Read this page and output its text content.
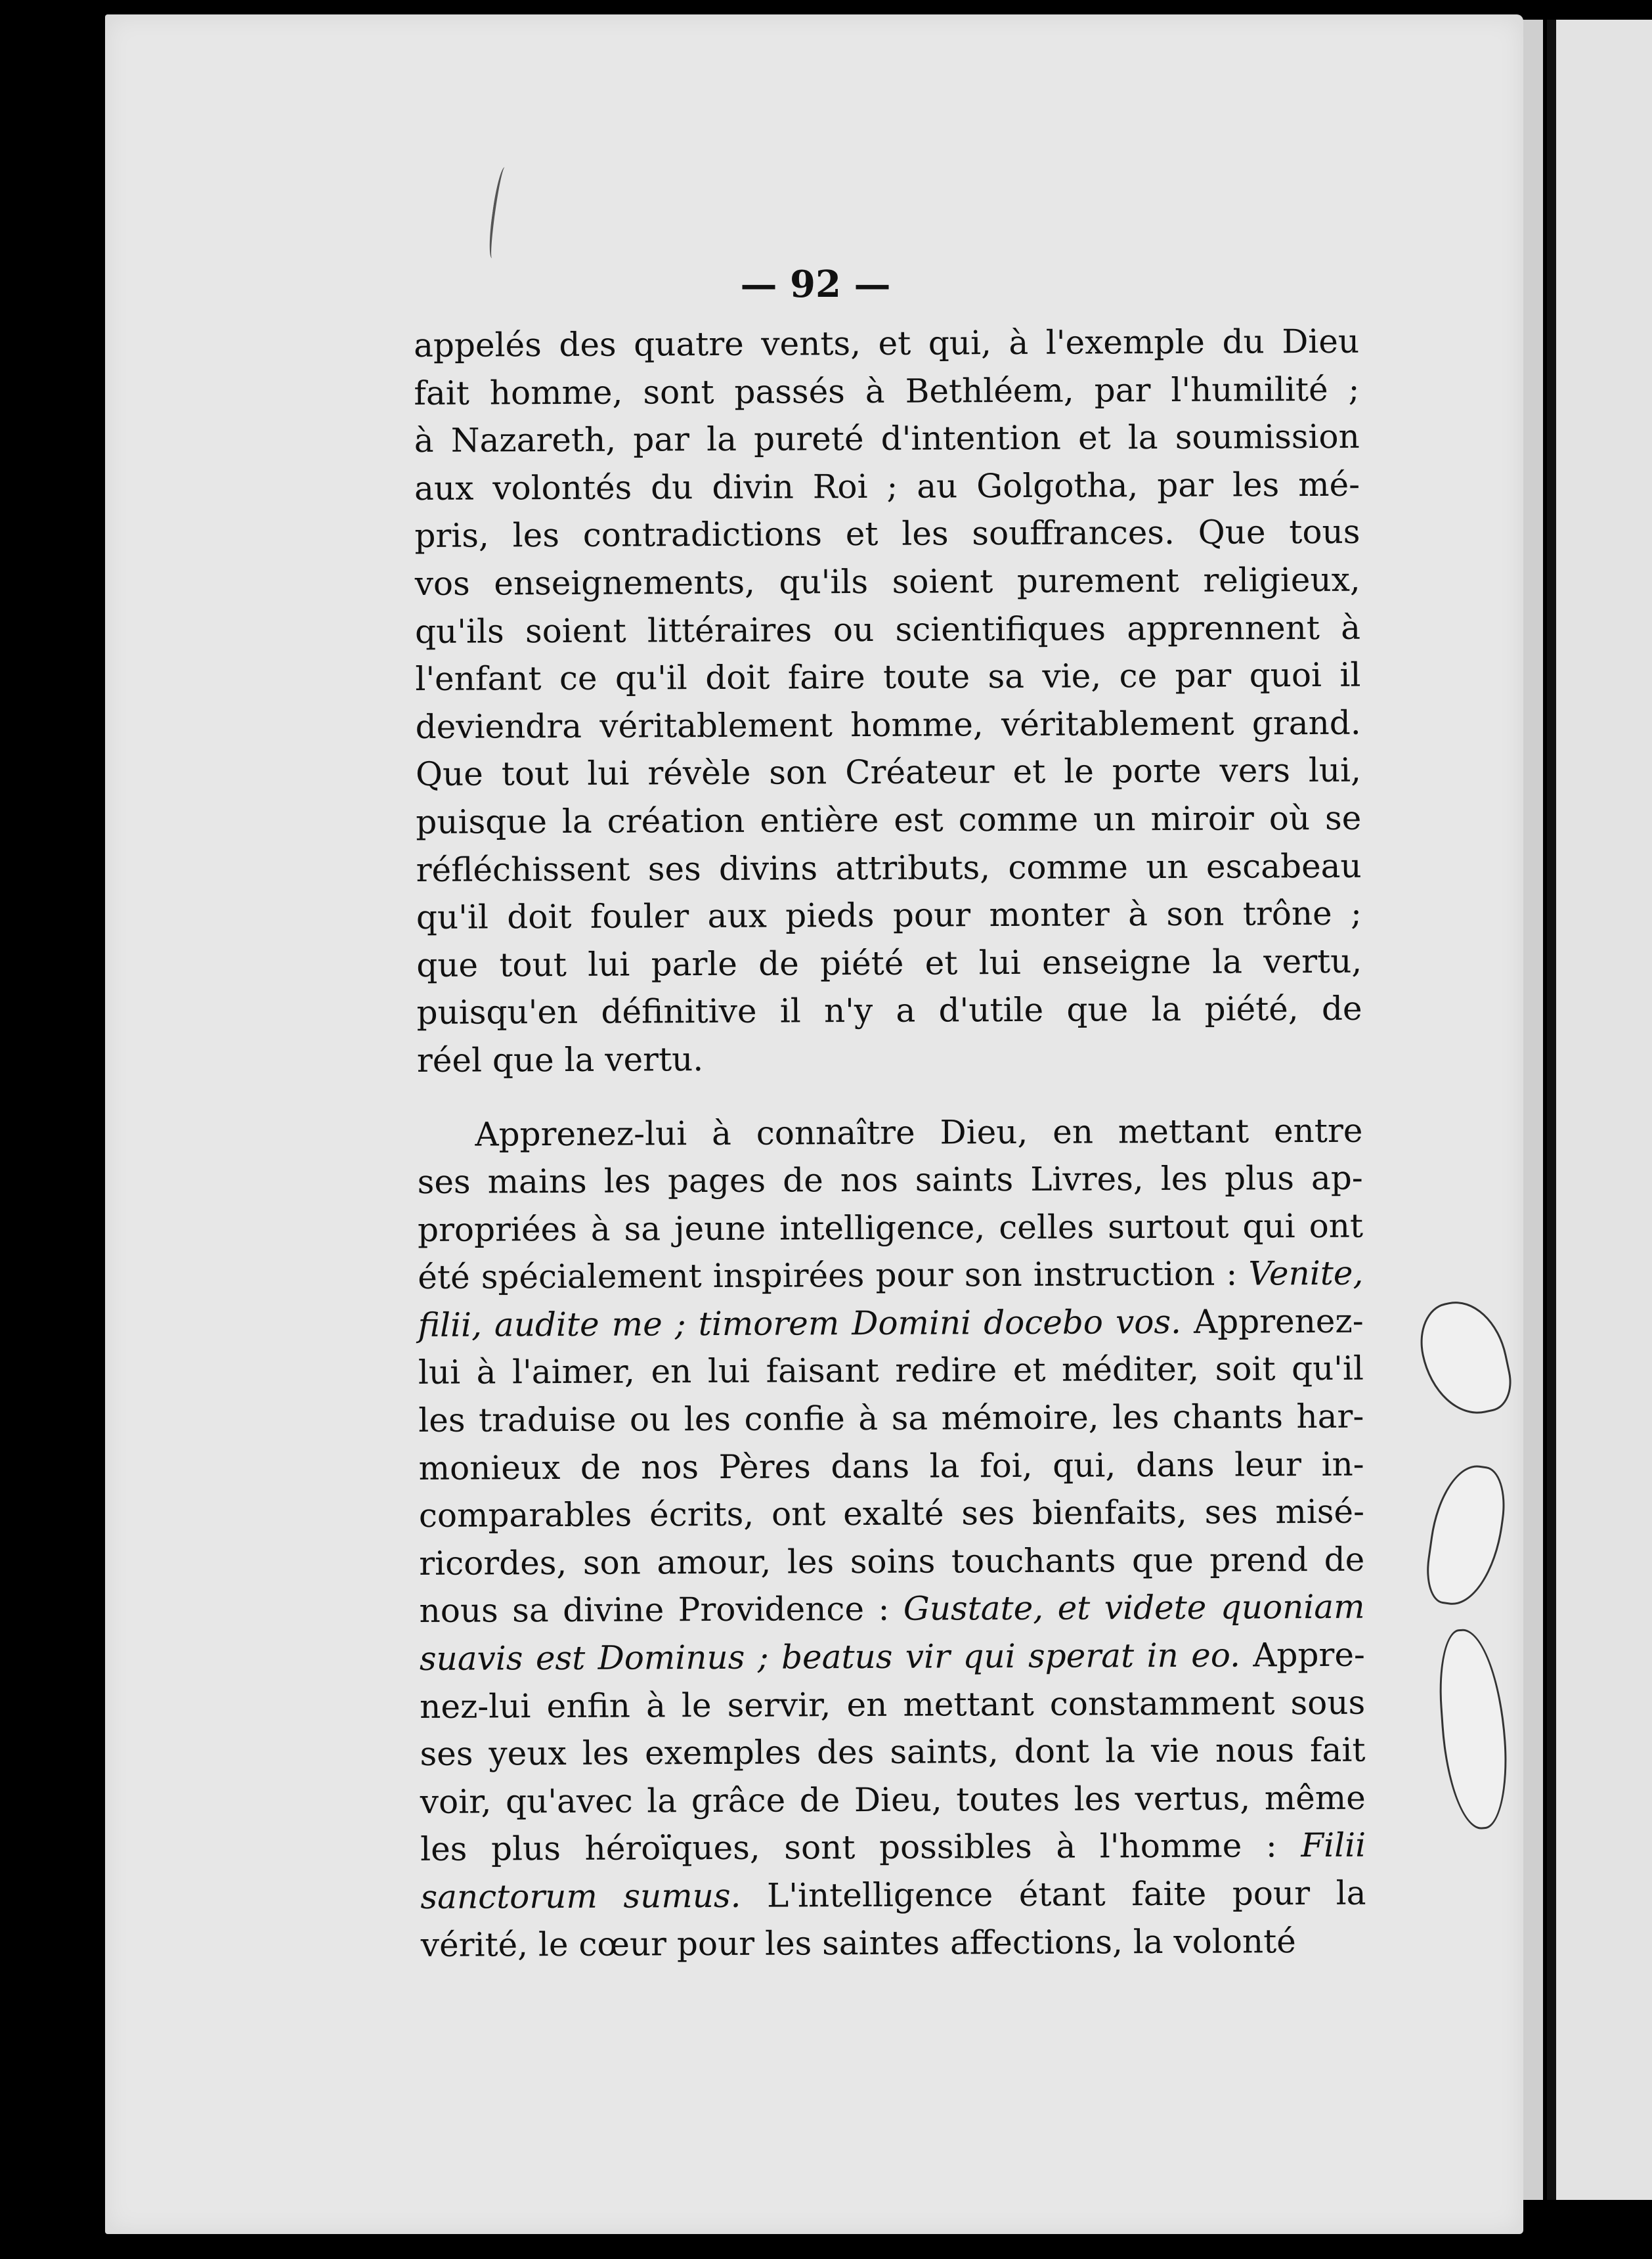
— 92 —
appelés des quatre vents, et qui, à l'exemple du Dieu
fait homme, sont passés à Bethléem, par l'humilité ;
à Nazareth, par la pureté d'intention et la soumission
aux volontés du divin Roi ; au Golgotha, par les mé-
pris, les contradictions et les souffrances. Que tous
vos enseignements, qu'ils soient purement religieux,
qu'ils soient littéraires ou scientifiques apprennent à
l'enfant ce qu'il doit faire toute sa vie, ce par quoi il
deviendra véritablement homme, véritablement grand.
Que tout lui révèle son Créateur et le porte vers lui,
puisque la création entière est comme un miroir où se
réfléchissent ses divins attributs, comme un escabeau
qu'il doit fouler aux pieds pour monter à son trône ;
que tout lui parle de piété et lui enseigne la vertu,
puisqu'en définitive il n'y a d'utile que la piété, de
réel que la vertu.
Apprenez-lui à connaître Dieu, en mettant entre
ses mains les pages de nos saints Livres, les plus ap-
propriées à sa jeune intelligence, celles surtout qui ont
été spécialement inspirées pour son instruction : Venite,
filii, audite me ; timorem Domini docebo vos. Apprenez-
lui à l'aimer, en lui faisant redire et méditer, soit qu'il
les traduise ou les confie à sa mémoire, les chants har-
monieux de nos Pères dans la foi, qui, dans leur in-
comparables écrits, ont exalté ses bienfaits, ses misé-
ricordes, son amour, les soins touchants que prend de
nous sa divine Providence : Gustate, et videte quoniam
suavis est Dominus ; beatus vir qui sperat in eo. Appre-
nez-lui enfin à le servir, en mettant constamment sous
ses yeux les exemples des saints, dont la vie nous fait
voir, qu'avec la grâce de Dieu, toutes les vertus, même
les plus héroïques, sont possibles à l'homme : Filii
sanctorum sumus. L'intelligence étant faite pour la
vérité, le cœur pour les saintes affections, la volonté
